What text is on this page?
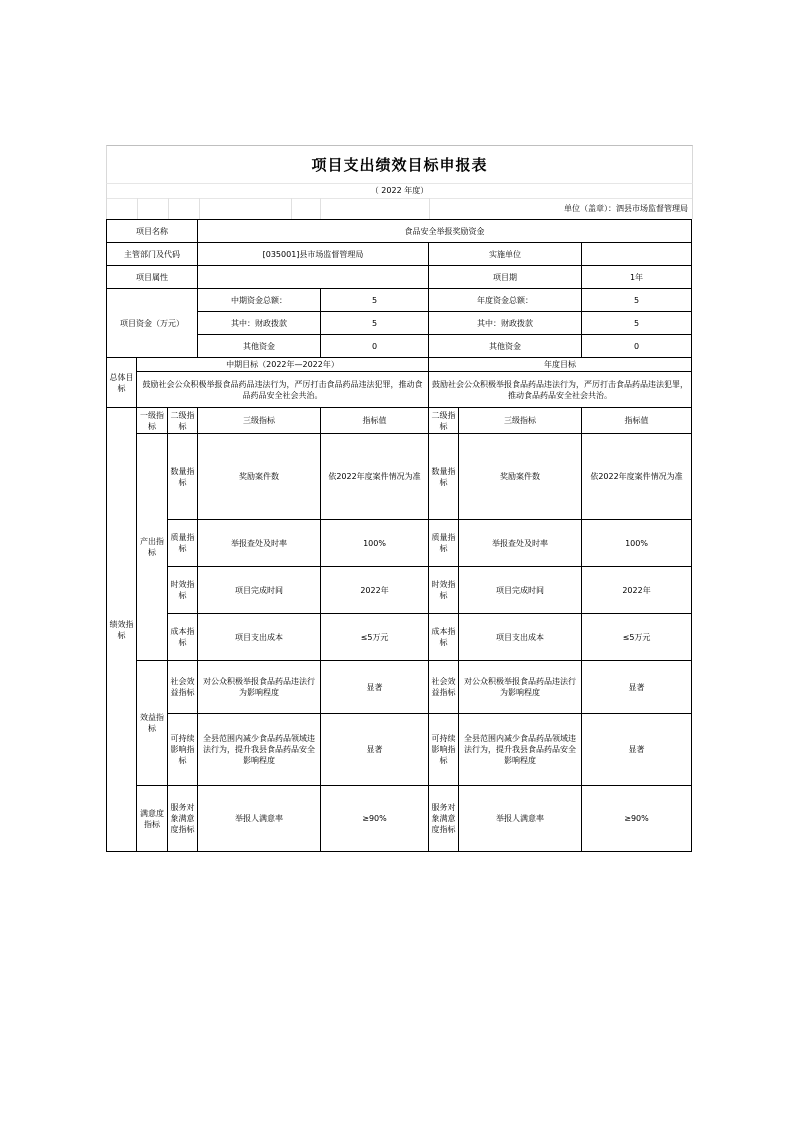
项目支出绩效目标申报表
（ 2022 年度）
单位（盖章）：泗县市场监督管理局
项目名称			食品安全举报奖励资金				
主管部门及代码			[035001]县市场监督管理局		实施单位		
项目属性					项目期		1年
项目资金（万元）			中期资金总额：	5	年度资金总额：		5
			其中：财政拨款	5	其中：财政拨款		5
			其他资金	0	其他资金		0
总体目标	中期目标（2022年—2022年）				年度目标		
	鼓励社会公众积极举报食品药品违法行为，严厉打击食品药品违法犯罪，推动食品药品安全社会共治。				鼓励社会公众积极举报食品药品违法行为，严厉打击食品药品违法犯罪，推动食品药品安全社会共治。		
绩效指标	一级指标	二级指标	三级指标	指标值	二级指标	三级指标	指标值
	产出指标	数量指标	奖励案件数	依2022年度案件情况为准	数量指标	奖励案件数	依2022年度案件情况为准
		质量指标	举报查处及时率	100%	质量指标	举报查处及时率	100%
		时效指标	项目完成时间	2022年	时效指标	项目完成时间	2022年
		成本指标	项目支出成本	≤5万元	成本指标	项目支出成本	≤5万元
	效益指标	社会效益指标	对公众积极举报食品药品违法行为影响程度	显著	社会效益指标	对公众积极举报食品药品违法行为影响程度	显著
		可持续影响指标	全县范围内减少食品药品领域违法行为，提升我县食品药品安全影响程度	显著	可持续影响指标	全县范围内减少食品药品领域违法行为，提升我县食品药品安全影响程度	显著
	满意度指标	服务对象满意度指标	举报人满意率	≥90%	服务对象满意度指标	举报人满意率	≥90%
